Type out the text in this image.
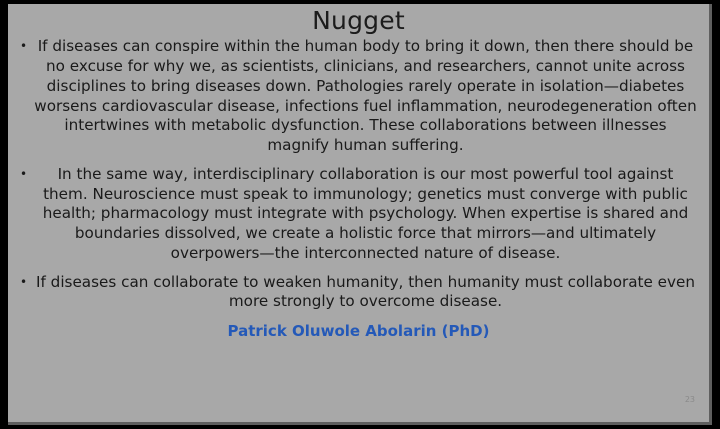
Nugget
• If diseases can conspire within the human body to bring it down, then there should be no excuse for why we, as scientists, clinicians, and researchers, cannot unite across disciplines to bring diseases down. Pathologies rarely operate in isolation—diabetes worsens cardiovascular disease, infections fuel inflammation, neurodegeneration often intertwines with metabolic dysfunction. These collaborations between illnesses magnify human suffering.

•	In the same way, interdisciplinary collaboration is our most powerful tool against them. Neuroscience must speak to immunology; genetics must converge with public health; pharmacology must integrate with psychology. When expertise is shared and boundaries dissolved, we create a holistic force that mirrors—and ultimately overpowers—the interconnected nature of disease.

• If diseases can collaborate to weaken humanity, then humanity must collaborate even more strongly to overcome disease.

Patrick Oluwole Abolarin (PhD)
23
